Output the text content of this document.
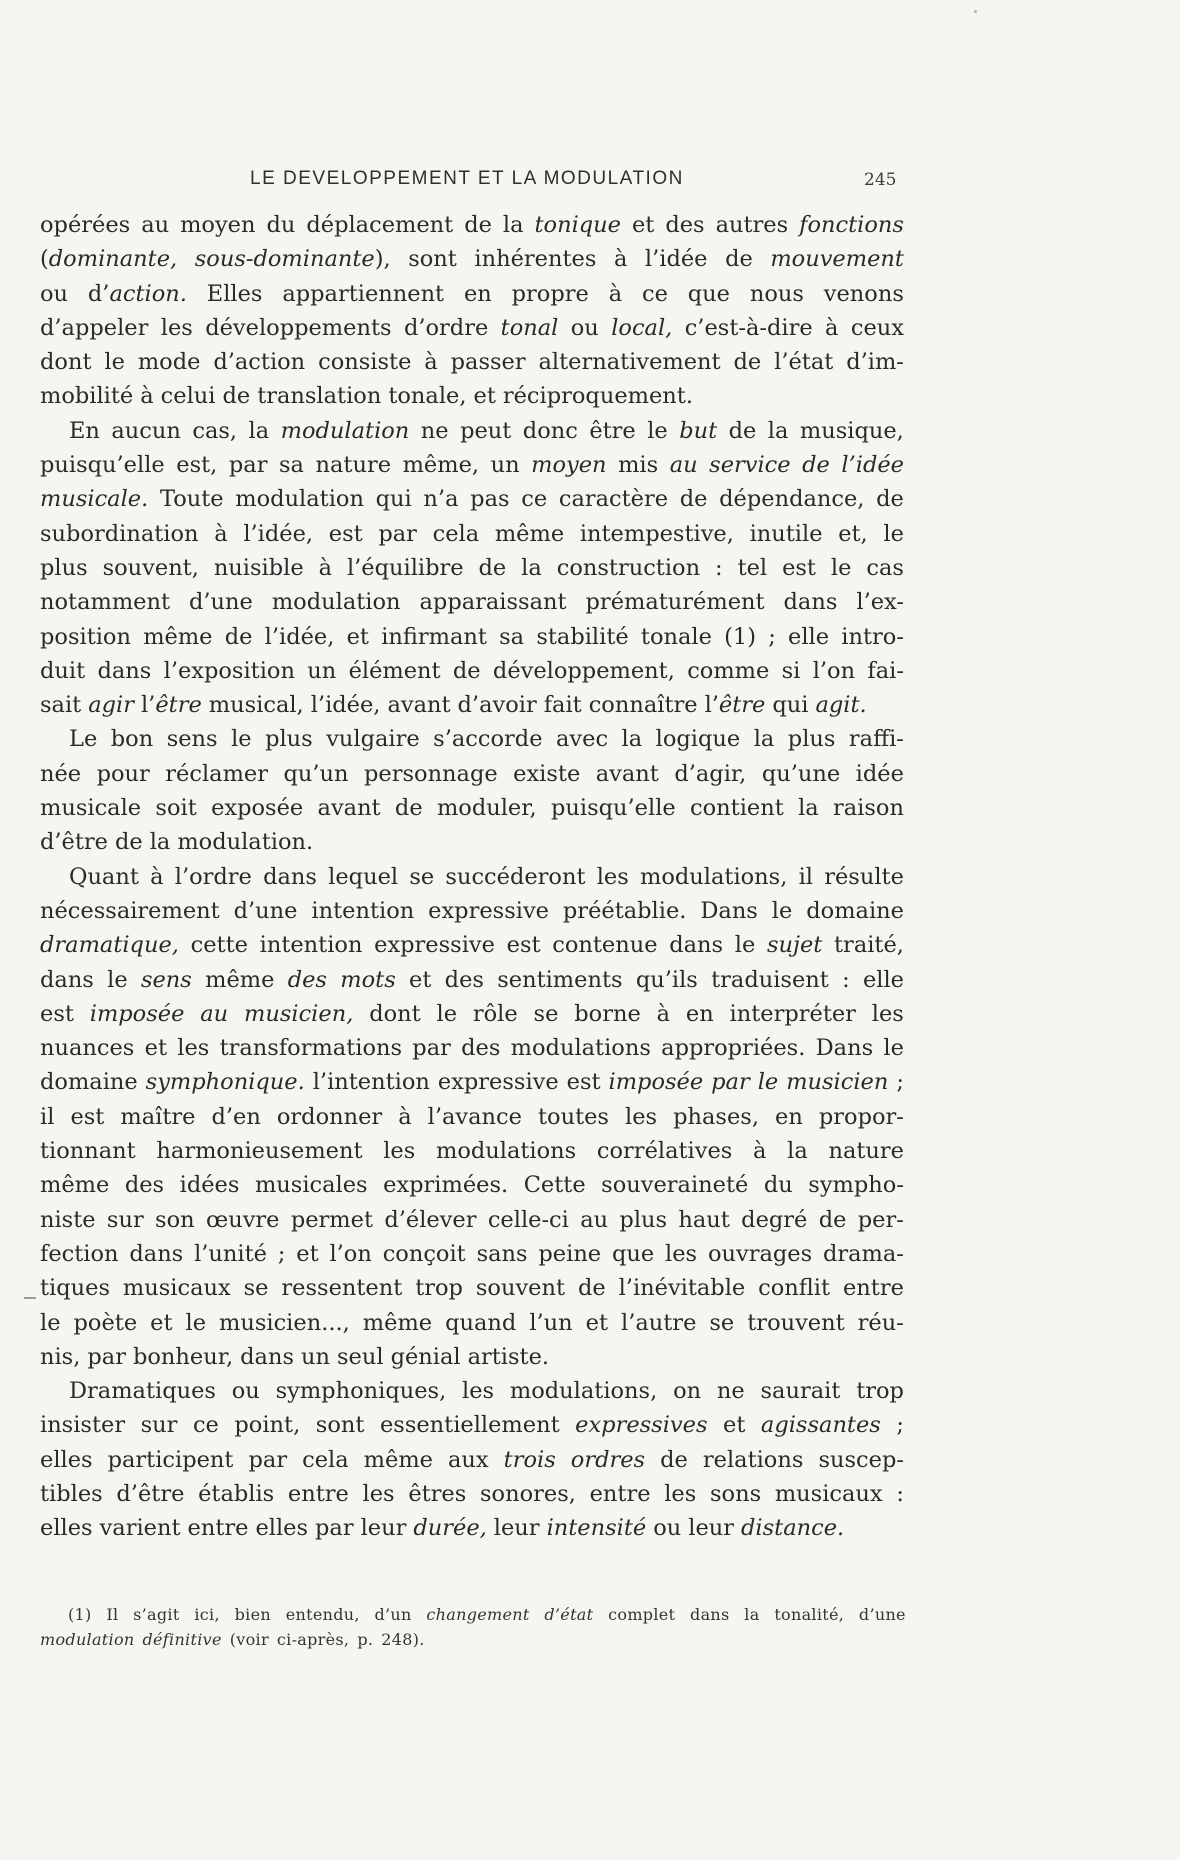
LE DEVELOPPEMENT ET LA MODULATION	245
opérées au moyen du déplacement de la tonique et des autres fonctions
(dominante, sous-dominante), sont inhérentes à l’idée de mouvement
ou d’action. Elles appartiennent en propre à ce que nous venons
d’appeler les développements d’ordre tonal ou local, c’est-à-dire à ceux
dont le mode d’action consiste à passer alternativement de l’état d’im-
mobilité à celui de translation tonale, et réciproquement.
En aucun cas, la modulation ne peut donc être le but de la musique,
puisqu’elle est, par sa nature même, un moyen mis au service de l’idée
musicale. Toute modulation qui n’a pas ce caractère de dépendance, de
subordination à l’idée, est par cela même intempestive, inutile et, le
plus souvent, nuisible à l’équilibre de la construction : tel est le cas
notamment d’une modulation apparaissant prématurément dans l’ex-
position même de l’idée, et infirmant sa stabilité tonale (1) ; elle intro-
duit dans l’exposition un élément de développement, comme si l’on fai-
sait agir l’être musical, l’idée, avant d’avoir fait connaître l’être qui agit.
Le bon sens le plus vulgaire s’accorde avec la logique la plus raffi-
née pour réclamer qu’un personnage existe avant d’agir, qu’une idée
musicale soit exposée avant de moduler, puisqu’elle contient la raison
d’être de la modulation.
Quant à l’ordre dans lequel se succéderont les modulations, il résulte
nécessairement d’une intention expressive préétablie. Dans le domaine
dramatique, cette intention expressive est contenue dans le sujet traité,
dans le sens même des mots et des sentiments qu’ils traduisent : elle
est imposée au musicien, dont le rôle se borne à en interpréter les
nuances et les transformations par des modulations appropriées. Dans le
domaine symphonique. l’intention expressive est imposée par le musicien ;
il est maître d’en ordonner à l’avance toutes les phases, en propor-
tionnant harmonieusement les modulations corrélatives à la nature
même des idées musicales exprimées. Cette souveraineté du sympho-
niste sur son œuvre permet d’élever celle-ci au plus haut degré de per-
fection dans l’unité ; et l’on conçoit sans peine que les ouvrages drama-
tiques musicaux se ressentent trop souvent de l’inévitable conflit entre
le poète et le musicien..., même quand l’un et l’autre se trouvent réu-
nis, par bonheur, dans un seul génial artiste.
Dramatiques ou symphoniques, les modulations, on ne saurait trop
insister sur ce point, sont essentiellement expressives et agissantes ;
elles participent par cela même aux trois ordres de relations suscep-
tibles d’être établis entre les êtres sonores, entre les sons musicaux :
elles varient entre elles par leur durée, leur intensité ou leur distance.
(1) Il s’agit ici, bien entendu, d’un changement d’état complet dans la tonalité, d’une
modulation définitive (voir ci-après, p. 248).
